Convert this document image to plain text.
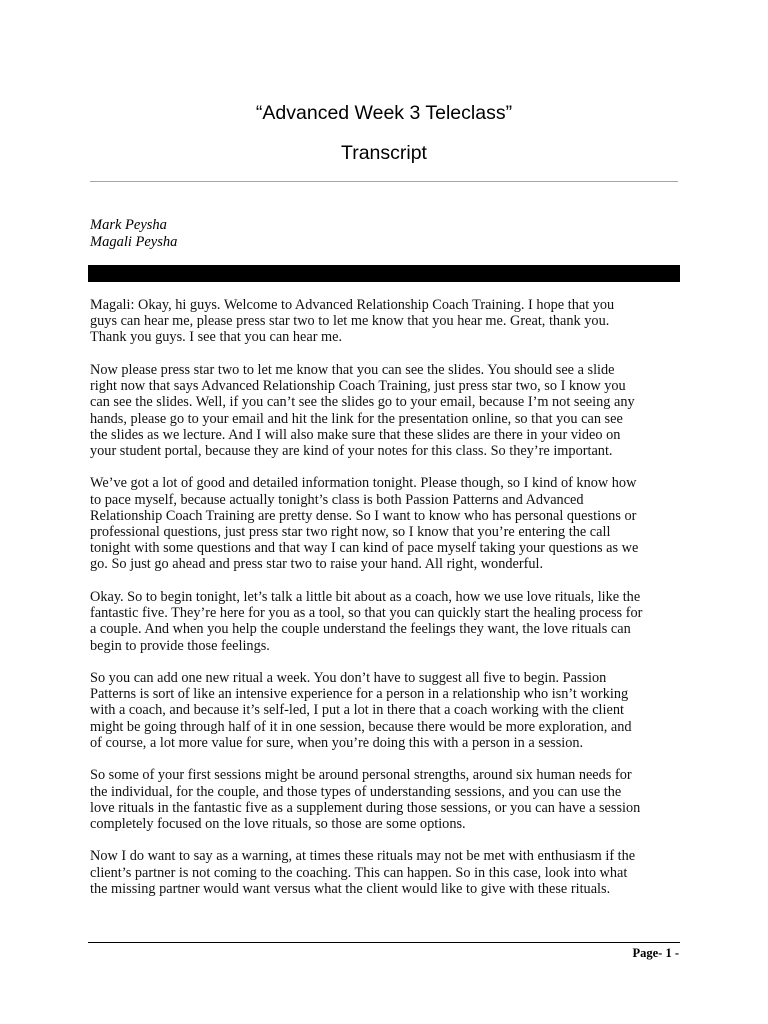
“Advanced Week 3 Teleclass”
Transcript
Mark Peysha
Magali Peysha

Magali: Okay, hi guys. Welcome to Advanced Relationship Coach Training. I hope that you
guys can hear me, please press star two to let me know that you hear me. Great, thank you.
Thank you guys. I see that you can hear me.

Now please press star two to let me know that you can see the slides. You should see a slide
right now that says Advanced Relationship Coach Training, just press star two, so I know you
can see the slides. Well, if you can’t see the slides go to your email, because I’m not seeing any
hands, please go to your email and hit the link for the presentation online, so that you can see
the slides as we lecture. And I will also make sure that these slides are there in your video on
your student portal, because they are kind of your notes for this class. So they’re important.

We’ve got a lot of good and detailed information tonight. Please though, so I kind of know how
to pace myself, because actually tonight’s class is both Passion Patterns and Advanced
Relationship Coach Training are pretty dense. So I want to know who has personal questions or
professional questions, just press star two right now, so I know that you’re entering the call
tonight with some questions and that way I can kind of pace myself taking your questions as we
go. So just go ahead and press star two to raise your hand. All right, wonderful.

Okay. So to begin tonight, let’s talk a little bit about as a coach, how we use love rituals, like the
fantastic five. They’re here for you as a tool, so that you can quickly start the healing process for
a couple. And when you help the couple understand the feelings they want, the love rituals can
begin to provide those feelings.

So you can add one new ritual a week. You don’t have to suggest all five to begin. Passion
Patterns is sort of like an intensive experience for a person in a relationship who isn’t working
with a coach, and because it’s self-led, I put a lot in there that a coach working with the client
might be going through half of it in one session, because there would be more exploration, and
of course, a lot more value for sure, when you’re doing this with a person in a session.

So some of your first sessions might be around personal strengths, around six human needs for
the individual, for the couple, and those types of understanding sessions, and you can use the
love rituals in the fantastic five as a supplement during those sessions, or you can have a session
completely focused on the love rituals, so those are some options.

Now I do want to say as a warning, at times these rituals may not be met with enthusiasm if the
client’s partner is not coming to the coaching. This can happen. So in this case, look into what
the missing partner would want versus what the client would like to give with these rituals.

Page- 1 -
